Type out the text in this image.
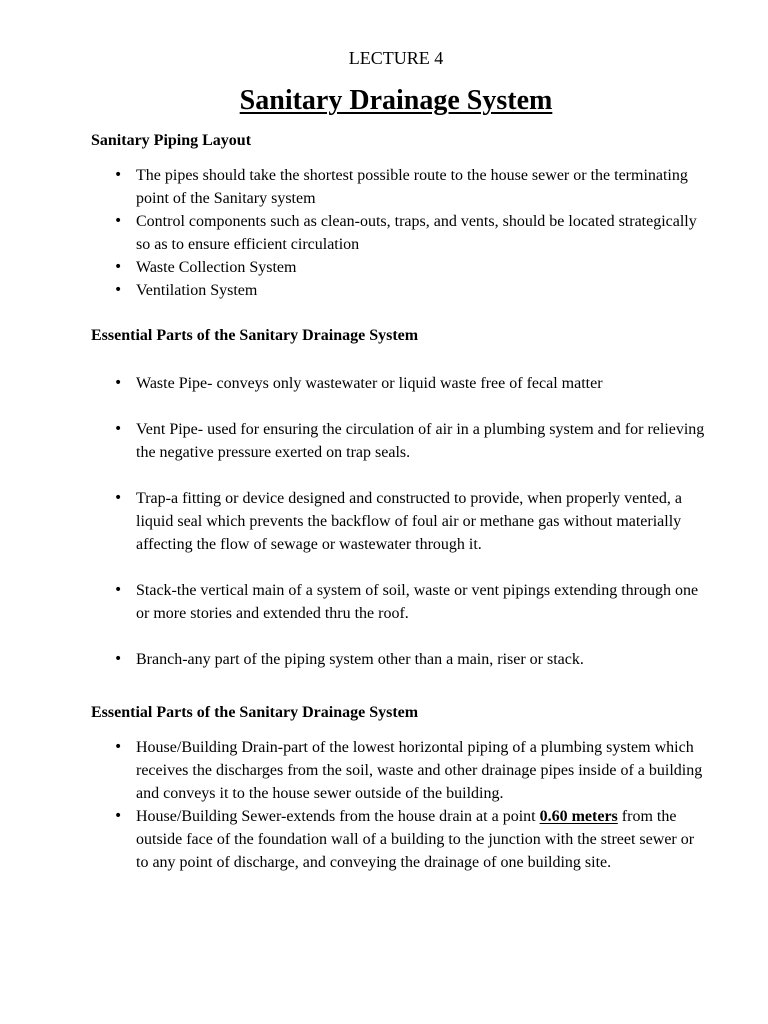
LECTURE 4
Sanitary Drainage System
Sanitary Piping Layout
• The pipes should take the shortest possible route to the house sewer or the terminating point of the Sanitary system
• Control components such as clean-outs, traps, and vents, should be located strategically so as to ensure efficient circulation
• Waste Collection System
• Ventilation System
Essential Parts of the Sanitary Drainage System
• Waste Pipe- conveys only wastewater or liquid waste free of fecal matter
• Vent Pipe- used for ensuring the circulation of air in a plumbing system and for relieving the negative pressure exerted on trap seals.
• Trap-a fitting or device designed and constructed to provide, when properly vented, a liquid seal which prevents the backflow of foul air or methane gas without materially affecting the flow of sewage or wastewater through it.
• Stack-the vertical main of a system of soil, waste or vent pipings extending through one or more stories and extended thru the roof.
• Branch-any part of the piping system other than a main, riser or stack.
Essential Parts of the Sanitary Drainage System
• House/Building Drain-part of the lowest horizontal piping of a plumbing system which receives the discharges from the soil, waste and other drainage pipes inside of a building and conveys it to the house sewer outside of the building.
• House/Building Sewer-extends from the house drain at a point 0.60 meters from the outside face of the foundation wall of a building to the junction with the street sewer or to any point of discharge, and conveying the drainage of one building site.
